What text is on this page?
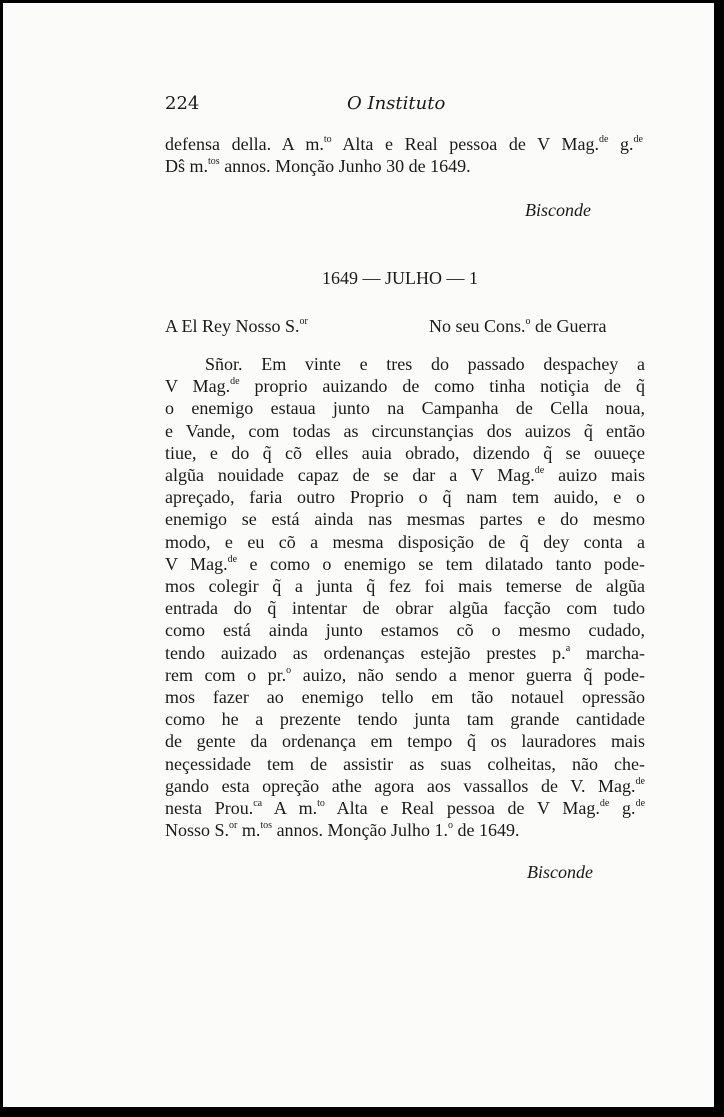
224	O Instituto
defensa della. A m.$^{to}$ Alta e Real pessoa de V Mag.$^{de}$ g.$^{de}$
Dŝ m.$^{tos}$ annos. Monção Junho 30 de 1649.
Bisconde
1649 — JULHO — 1
A El Rey Nosso S.$^{or}$	No seu Cons.$^o$ de Guerra
Sñor. Em vinte e tres do passado despachey a
V Mag.$^{de}$ proprio auizando de como tinha notiçia de q̃
o enemigo estaua junto na Campanha de Cella noua,
e Vande, com todas as circunstançias dos auizos q̃ então
tiue, e do q̃ cõ elles auia obrado, dizendo q̃ se ouueçe
algũa nouidade capaz de se dar a V Mag.$^{de}$ auizo mais
apreçado, faria outro Proprio o q̃ nam tem auido, e o
enemigo se está ainda nas mesmas partes e do mesmo
modo, e eu cõ a mesma disposição de q̃ dey conta a
V Mag.$^{de}$ e como o enemigo se tem dilatado tanto pode-
mos colegir q̃ a junta q̃ fez foi mais temerse de algũa
entrada do q̃ intentar de obrar algũa facção com tudo
como está ainda junto estamos cõ o mesmo cudado,
tendo auizado as ordenanças estejão prestes p.$^a$ marcha-
rem com o pr.$^o$ auizo, não sendo a menor guerra q̃ pode-
mos fazer ao enemigo tello em tão notauel opressão
como he a prezente tendo junta tam grande cantidade
de gente da ordenança em tempo q̃ os lauradores mais
neçessidade tem de assistir as suas colheitas, não che-
gando esta opreção athe agora aos vassallos de V. Mag.$^{de}$
nesta Prou.$^{ca}$ A m.$^{to}$ Alta e Real pessoa de V Mag.$^{de}$ g.$^{de}$
Nosso S.$^{or}$ m.$^{tos}$ annos. Monção Julho 1.$^o$ de 1649.
Bisconde
